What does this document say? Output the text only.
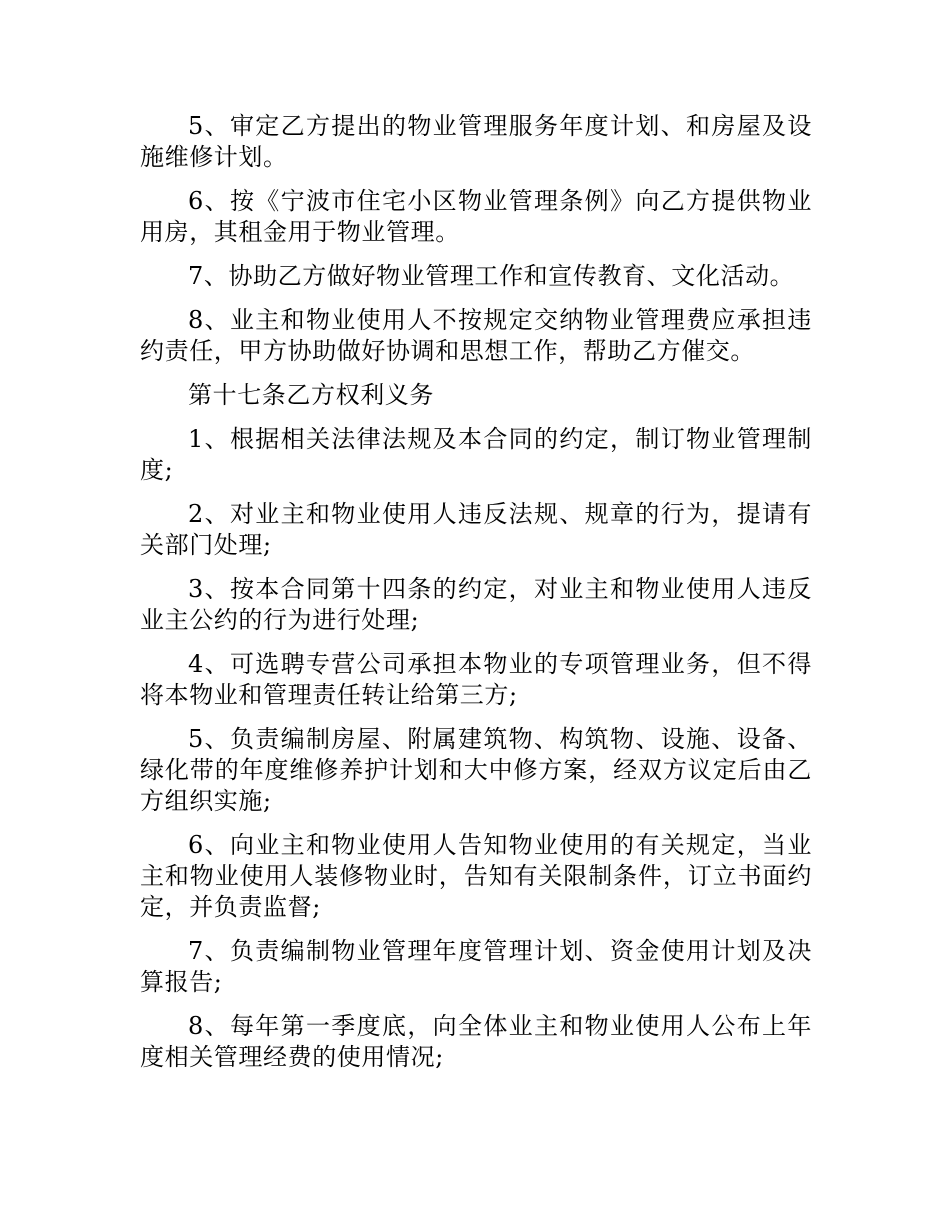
5、审定乙方提出的物业管理服务年度计划、和房屋及设施维修计划。

6、按《宁波市住宅小区物业管理条例》向乙方提供物业用房，其租金用于物业管理。

7、协助乙方做好物业管理工作和宣传教育、文化活动。

8、业主和物业使用人不按规定交纳物业管理费应承担违约责任，甲方协助做好协调和思想工作，帮助乙方催交。

第十七条乙方权利义务

1、根据相关法律法规及本合同的约定，制订物业管理制度;

2、对业主和物业使用人违反法规、规章的行为，提请有关部门处理;

3、按本合同第十四条的约定，对业主和物业使用人违反业主公约的行为进行处理;

4、可选聘专营公司承担本物业的专项管理业务，但不得将本物业和管理责任转让给第三方;

5、负责编制房屋、附属建筑物、构筑物、设施、设备、绿化带的年度维修养护计划和大中修方案，经双方议定后由乙方组织实施;

6、向业主和物业使用人告知物业使用的有关规定，当业主和物业使用人装修物业时，告知有关限制条件，订立书面约定，并负责监督;

7、负责编制物业管理年度管理计划、资金使用计划及决算报告;

8、每年第一季度底，向全体业主和物业使用人公布上年度相关管理经费的使用情况;
